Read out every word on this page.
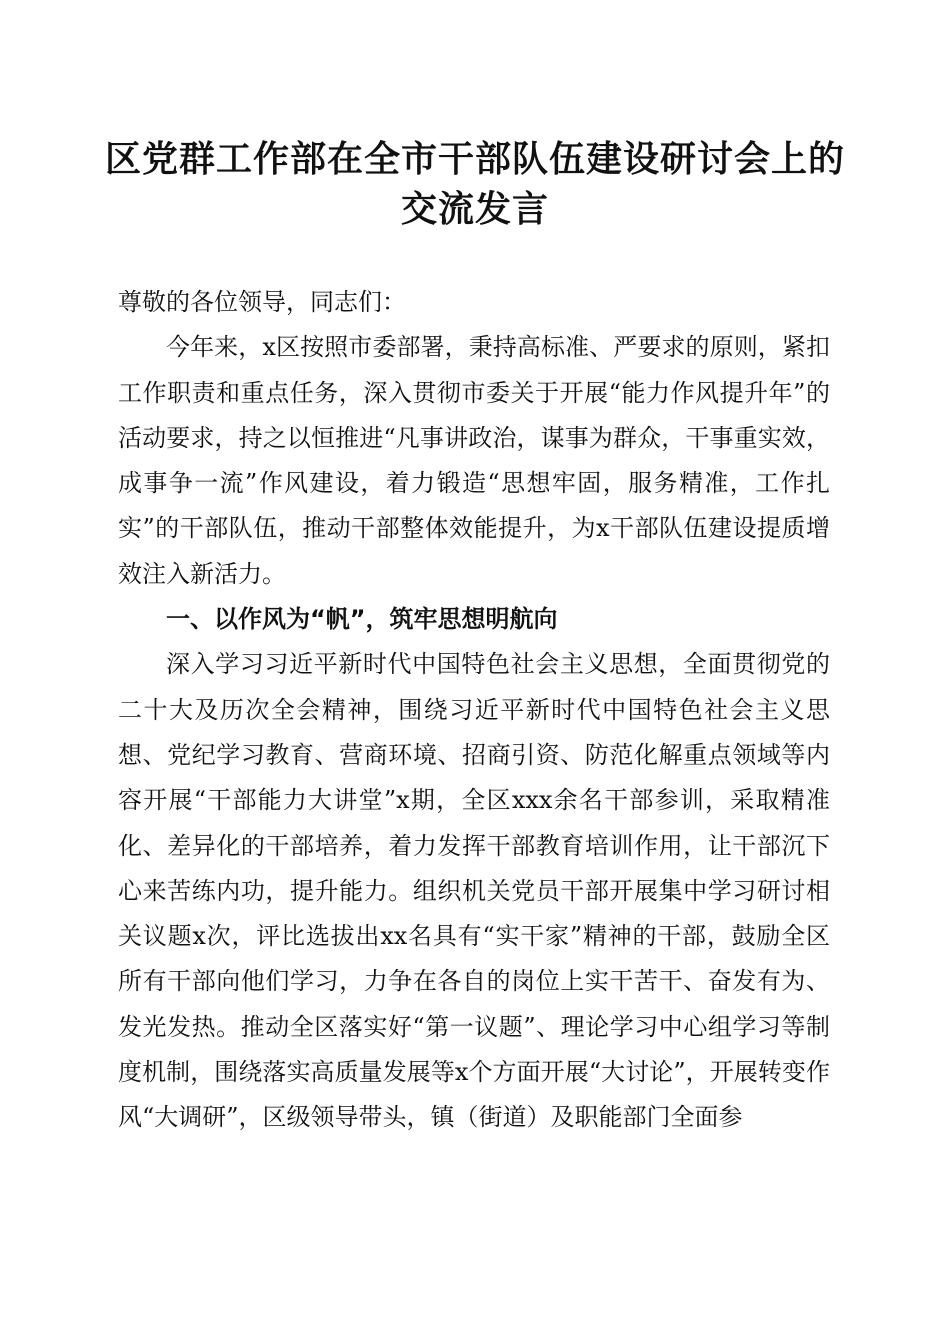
区党群工作部在全市干部队伍建设研讨会上的
交流发言

尊敬的各位领导，同志们：

今年来，x区按照市委部署，秉持高标准、严要求的原则，紧扣工作职责和重点任务，深入贯彻市委关于开展“能力作风提升年”的活动要求，持之以恒推进“凡事讲政治，谋事为群众，干事重实效，成事争一流”作风建设，着力锻造“思想牢固，服务精准，工作扎实”的干部队伍，推动干部整体效能提升，为x干部队伍建设提质增效注入新活力。

一、以作风为“帆”，筑牢思想明航向

深入学习习近平新时代中国特色社会主义思想，全面贯彻党的二十大及历次全会精神，围绕习近平新时代中国特色社会主义思想、党纪学习教育、营商环境、招商引资、防范化解重点领域等内容开展“干部能力大讲堂”x期，全区xxx余名干部参训，采取精准化、差异化的干部培养，着力发挥干部教育培训作用，让干部沉下心来苦练内功，提升能力。组织机关党员干部开展集中学习研讨相关议题x次，评比选拔出xx名具有“实干家”精神的干部，鼓励全区所有干部向他们学习，力争在各自的岗位上实干苦干、奋发有为、发光发热。推动全区落实好“第一议题”、理论学习中心组学习等制度机制，围绕落实高质量发展等x个方面开展“大讨论”，开展转变作风“大调研”，区级领导带头，镇（街道）及职能部门全面参
